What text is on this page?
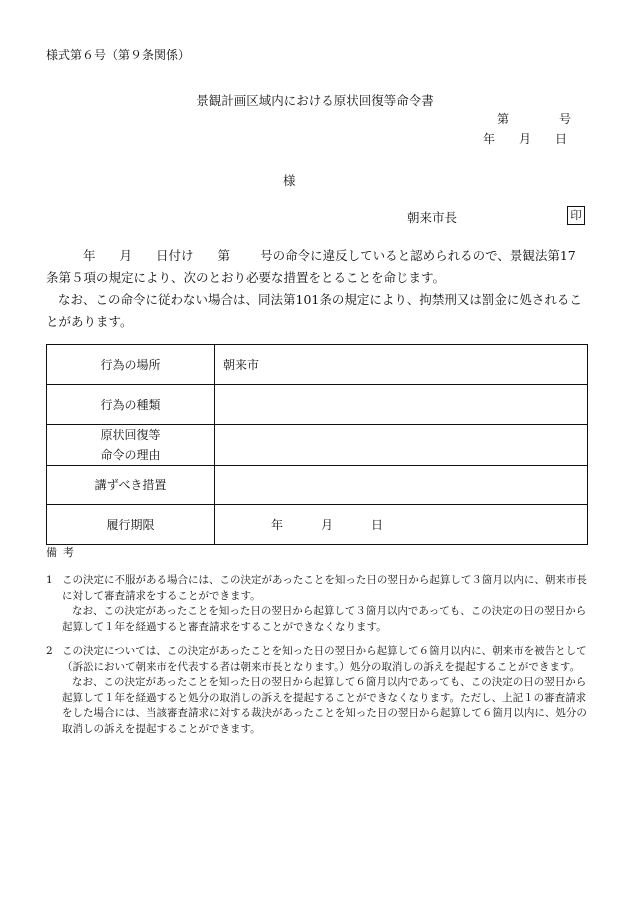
様式第６号（第９条関係）
景観計画区域内における原状回復等命令書
第	号
年 月 日
様
朝来市長	印

年 月 日付け 第 号の命令に違反していると認められるので、景観法第17条第５項の規定により、次のとおり必要な措置をとることを命じます。

なお、この命令に従わない場合は、同法第101条の規定により、拘禁刑又は罰金に処されることがあります。

行為の場所	朝来市
行為の種類	

原状回復等
命令の理由	

講ずべき措置	
履行期限	年 月 日
備考
1 この決定に不服がある場合には、この決定があったことを知った日の翌日から起算して３箇月以内に、朝来市長に対して審査請求をすることができます。

なお、この決定があったことを知った日の翌日から起算して３箇月以内であっても、この決定の日の翌日から起算して１年を経過すると審査請求をすることができなくなります。

2 この決定については、この決定があったことを知った日の翌日から起算して６箇月以内に、朝来市を被告として（訴訟において朝来市を代表する者は朝来市長となります。）処分の取消しの訴えを提起することができます。

なお、この決定があったことを知った日の翌日から起算して６箇月以内であっても、この決定の日の翌日から起算して１年を経過すると処分の取消しの訴えを提起することができなくなります。ただし、上記１の審査請求をした場合には、当該審査請求に対する裁決があったことを知った日の翌日から起算して６箇月以内に、処分の取消しの訴えを提起することができます。
